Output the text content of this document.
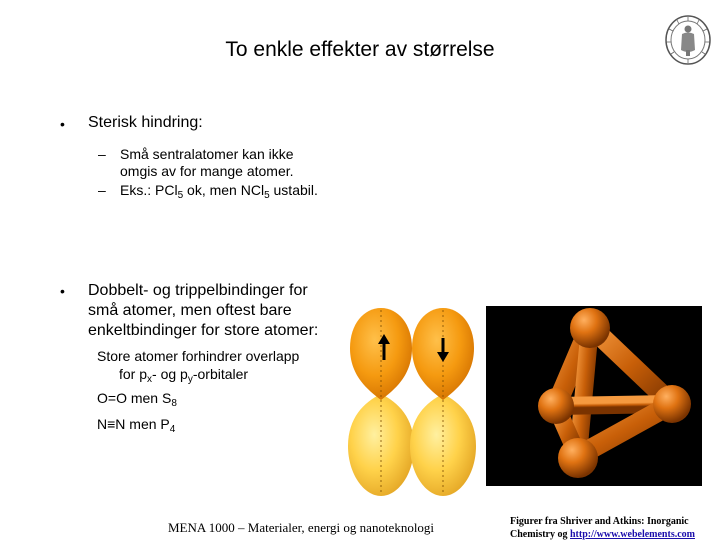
To enkle effekter av størrelse
• Sterisk hindring:
– Små sentralatomer kan ikke
omgis av for mange atomer.
– Eks.: PCl$_5$ ok, men NCl$_5$ ustabil.
• Dobbelt- og trippelbindinger for
små atomer, men oftest bare
enkeltbindinger for store atomer:
Store atomer forhindrer overlapp
for $p_x-$ og $p_y$-orbitaler
O=O men $S_8$
N≡N men $P_4$
MENA 1000 – Materialer, energi og nanoteknologi	Figurer fra Shriver and Atkins: Inorganic
Chemistry og http://www.webelements.com
